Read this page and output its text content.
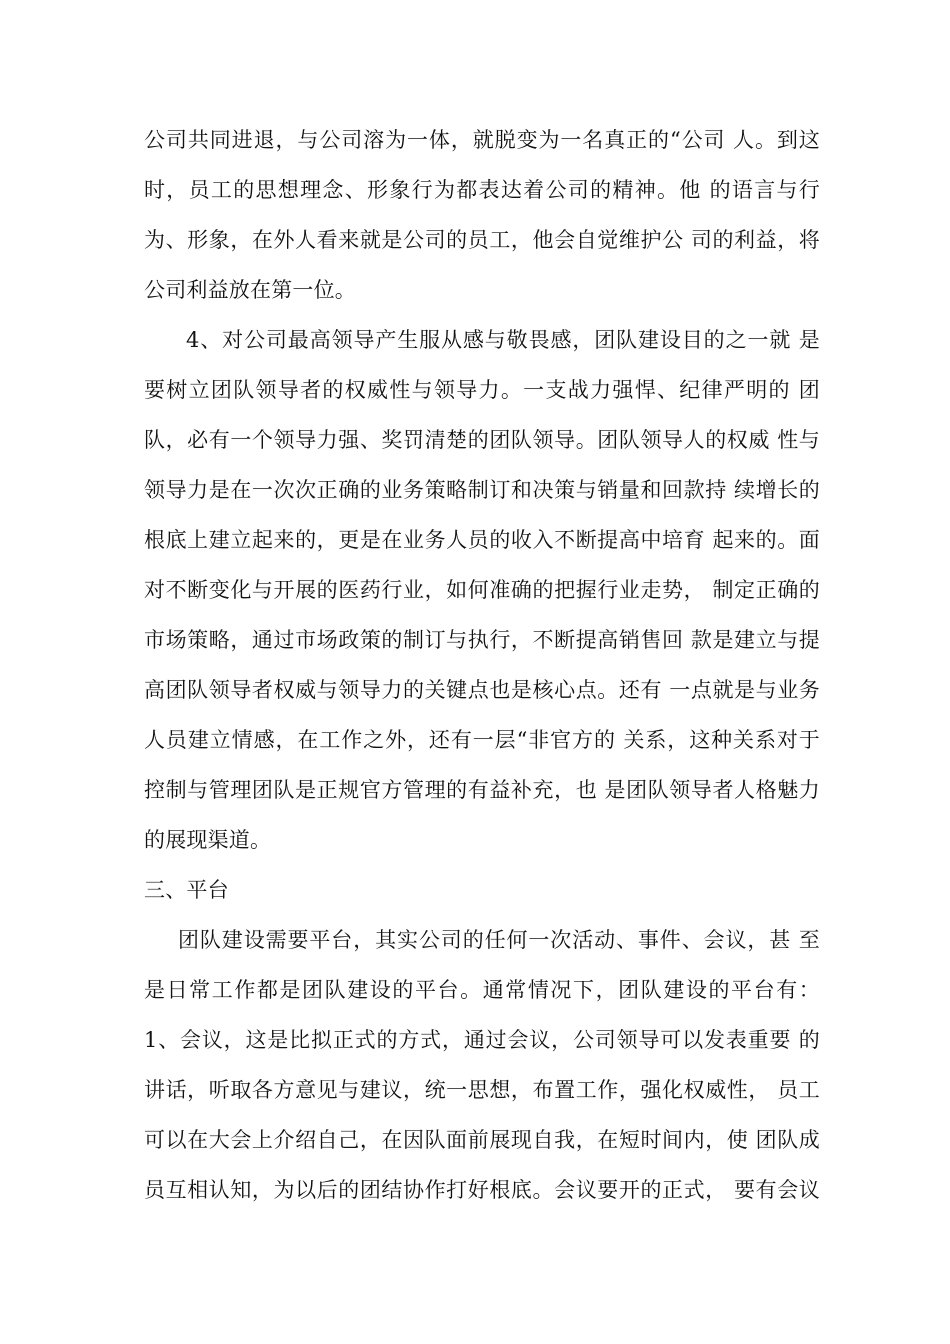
公司共同进退，与公司溶为一体，就脱变为一名真正的“公司 人。到这
时，员工的思想理念、形象行为都表达着公司的精神。他 的语言与行
为、形象，在外人看来就是公司的员工，他会自觉维护公 司的利益，将
公司利益放在第一位。
4、对公司最高领导产生服从感与敬畏感，团队建设目的之一就 是
要树立团队领导者的权威性与领导力。一支战力强悍、纪律严明的 团
队，必有一个领导力强、奖罚清楚的团队领导。团队领导人的权威 性与
领导力是在一次次正确的业务策略制订和决策与销量和回款持 续增长的
根底上建立起来的，更是在业务人员的收入不断提高中培育 起来的。面
对不断变化与开展的医药行业，如何准确的把握行业走势， 制定正确的
市场策略，通过市场政策的制订与执行，不断提高销售回 款是建立与提
高团队领导者权威与领导力的关键点也是核心点。还有 一点就是与业务
人员建立情感，在工作之外，还有一层“非官方的 关系，这种关系对于
控制与管理团队是正规官方管理的有益补充，也 是团队领导者人格魅力
的展现渠道。
三、平台
团队建设需要平台，其实公司的任何一次活动、事件、会议，甚 至
是日常工作都是团队建设的平台。通常情况下，团队建设的平台有：
1、会议，这是比拟正式的方式，通过会议，公司领导可以发表重要 的
讲话，听取各方意见与建议，统一思想，布置工作，强化权威性， 员工
可以在大会上介绍自己，在因队面前展现自我，在短时间内，使 团队成
员互相认知，为以后的团结协作打好根底。会议要开的正式， 要有会议
